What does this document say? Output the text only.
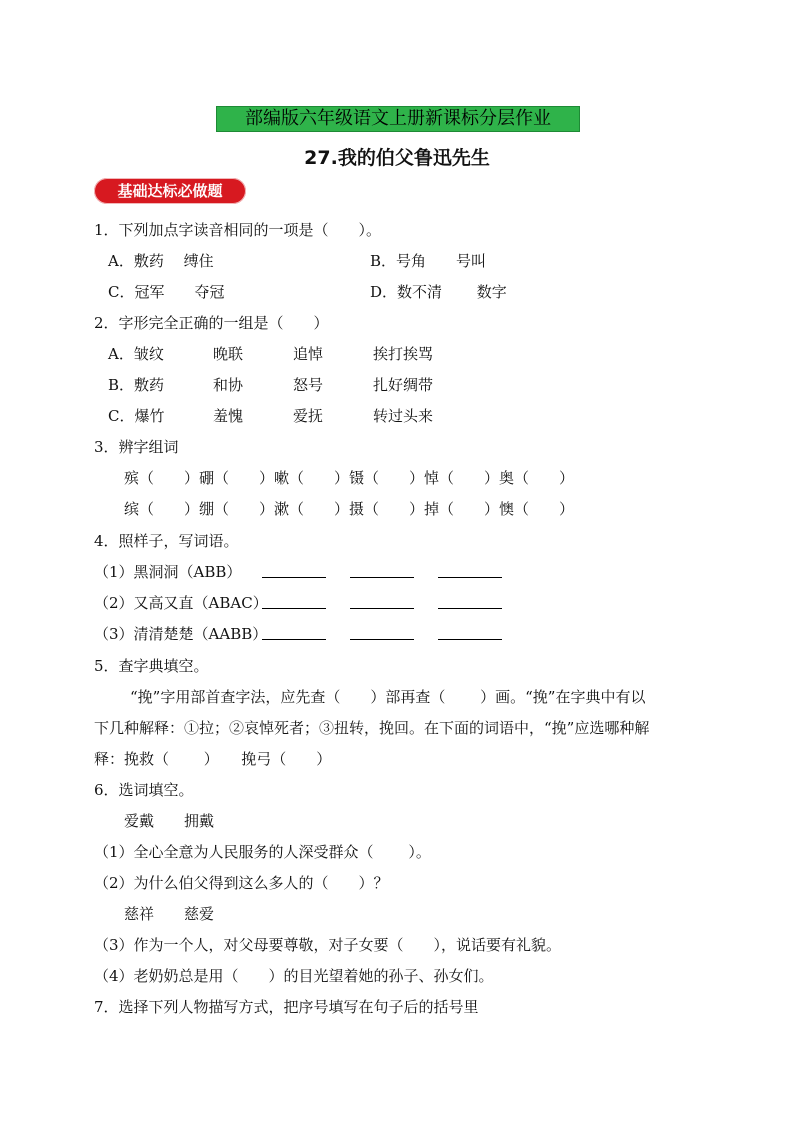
部编版六年级语文上册新课标分层作业
27.我的伯父鲁迅先生
基础达标必做题
1．下列加点字读音相同的一项是（　　）。
A．敷药　 缚住	B．号角　　号叫
C．冠军　　夺冠	D．数不清　　 数字
2．字形完全正确的一组是（　　）
A．皱纹	晚联	追悼	挨打挨骂
B．敷药	和协	怒号	扎好绸带
C．爆竹	羞愧	爱抚	转过头来
3．辨字组词
殡（　　）硼（　　）嗽（　　）镊（　　）悼（　　）奥（　　）
缤（　　）绷（　　）漱（　　）摄（　　）掉（　　）懊（　　）
4．照样子，写词语。
（1）黑洞洞（ABB）
（2）又高又直（ABAC）
（3）清清楚楚（AABB）
5．查字典填空。
“挽”字用部首查字法，应先查（　　）部再查（　　 ）画。“挽”在字典中有以
下几种解释：①拉；②哀悼死者；③扭转，挽回。在下面的词语中，“挽”应选哪种解
释：挽救（　　 ）　　挽弓（　　）
6．选词填空。
爱戴　　拥戴
（1）全心全意为人民服务的人深受群众（　　 ）。
（2）为什么伯父得到这么多人的（　　）？
慈祥　　慈爱
（3）作为一个人，对父母要尊敬，对子女要（　　），说话要有礼貌。
（4）老奶奶总是用（　　）的目光望着她的孙子、孙女们。
7．选择下列人物描写方式，把序号填写在句子后的括号里
